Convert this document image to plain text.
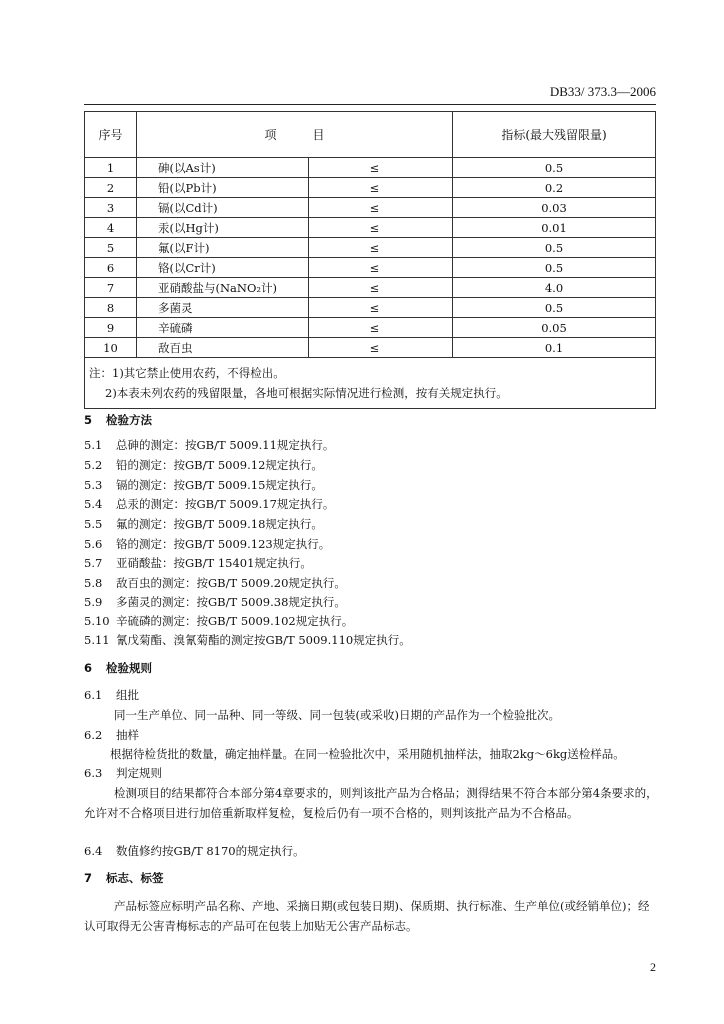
DB33/ 373.3—2006
序号	项　　　目		指标(最大残留限量)
1	砷(以As计)	≤	0.5
2	铅(以Pb计)	≤	0.2
3	镉(以Cd计)	≤	0.03
4	汞(以Hg计)	≤	0.01
5	氟(以F计)	≤	0.5
6	铬(以Cr计)	≤	0.5
7	亚硝酸盐与(NaNO₂计)	≤	4.0
8	多菌灵	≤	0.5
9	辛硫磷	≤	0.05
10	敌百虫	≤	0.1

注：1)其它禁止使用农药，不得检出。
2)本表未列农药的残留限量，各地可根据实际情况进行检测，按有关规定执行。			
5 检验方法
5.1 总砷的测定：按GB/T 5009.11规定执行。
5.2 铅的测定：按GB/T 5009.12规定执行。
5.3 镉的测定：按GB/T 5009.15规定执行。
5.4 总汞的测定：按GB/T 5009.17规定执行。
5.5 氟的测定：按GB/T 5009.18规定执行。
5.6 铬的测定：按GB/T 5009.123规定执行。
5.7 亚硝酸盐：按GB/T 15401规定执行。
5.8 敌百虫的测定：按GB/T 5009.20规定执行。
5.9 多菌灵的测定：按GB/T 5009.38规定执行。
5.10 辛硫磷的测定：按GB/T 5009.102规定执行。
5.11 氰戊菊酯、溴氰菊酯的测定按GB/T 5009.110规定执行。
6 检验规则
6.1 组批
同一生产单位、同一品种、同一等级、同一包装(或采收)日期的产品作为一个检验批次。
6.2 抽样
根据待检货批的数量，确定抽样量。在同一检验批次中，采用随机抽样法，抽取2kg～6kg送检样品。
6.3 判定规则
检测项目的结果都符合本部分第4章要求的，则判该批产品为合格品；测得结果不符合本部分第4条要求的，允许对不合格项目进行加倍重新取样复检，复检后仍有一项不合格的，则判该批产品为不合格品。
6.4 数值修约按GB/T 8170的规定执行。
7 标志、标签
产品标签应标明产品名称、产地、采摘日期(或包装日期)、保质期、执行标准、生产单位(或经销单位)；经认可取得无公害青梅标志的产品可在包装上加贴无公害产品标志。
2
